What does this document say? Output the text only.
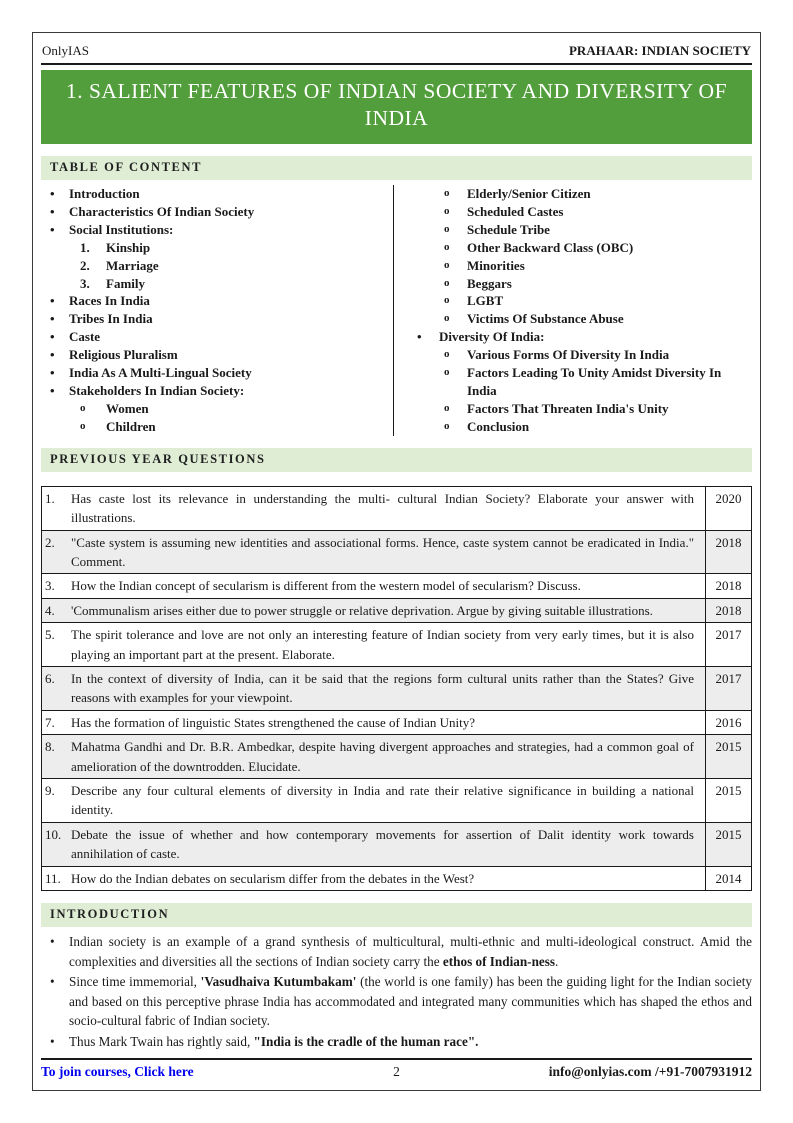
OnlyIAS	PRAHAAR: INDIAN SOCIETY
1. SALIENT FEATURES OF INDIAN SOCIETY AND DIVERSITY OF INDIA
TABLE OF CONTENT
•	Introduction
•	Characteristics Of Indian Society
•	Social Institutions:
1.	Kinship
2.	Marriage
3.	Family
•	Races In India
•	Tribes In India
•	Caste
•	Religious Pluralism
•	India As A Multi-Lingual Society
•	Stakeholders In Indian Society:
o	Women
o	Children
o	Elderly/Senior Citizen
o	Scheduled Castes
o	Schedule Tribe
o	Other Backward Class (OBC)
o	Minorities
o	Beggars
o	LGBT
o	Victims Of Substance Abuse
•	Diversity Of India:
o	Various Forms Of Diversity In India
o	Factors Leading To Unity Amidst Diversity In India
o	Factors That Threaten India's Unity
o	Conclusion
PREVIOUS YEAR QUESTIONS
1. Has caste lost its relevance in understanding the multi- cultural Indian Society? Elaborate your answer with illustrations.	2020

2. "Caste system is assuming new identities and associational forms. Hence, caste system cannot be eradicated in India." Comment.	2018

3. How the Indian concept of secularism is different from the western model of secularism? Discuss.	2018

4. 'Communalism arises either due to power struggle or relative deprivation. Argue by giving suitable illustrations.	2018

5. The spirit tolerance and love are not only an interesting feature of Indian society from very early times, but it is also playing an important part at the present. Elaborate.	2017

6. In the context of diversity of India, can it be said that the regions form cultural units rather than the States? Give reasons with examples for your viewpoint.	2017

7. Has the formation of linguistic States strengthened the cause of Indian Unity?	2016

8. Mahatma Gandhi and Dr. B.R. Ambedkar, despite having divergent approaches and strategies, had a common goal of amelioration of the downtrodden. Elucidate.	2015

9. Describe any four cultural elements of diversity in India and rate their relative significance in building a national identity.	2015

10. Debate the issue of whether and how contemporary movements for assertion of Dalit identity work towards annihilation of caste.	2015

11. How do the Indian debates on secularism differ from the debates in the West?	2014
INTRODUCTION
•	Indian society is an example of a grand synthesis of multicultural, multi-ethnic and multi-ideological construct. Amid the complexities and diversities all the sections of Indian society carry the ethos of Indian-ness.
•	Since time immemorial, 'Vasudhaiva Kutumbakam' (the world is one family) has been the guiding light for the Indian society and based on this perceptive phrase India has accommodated and integrated many communities which has shaped the ethos and socio-cultural fabric of Indian society.
•	Thus Mark Twain has rightly said, "India is the cradle of the human race".
To join courses, Click here	2	info@onlyias.com /+91-7007931912
